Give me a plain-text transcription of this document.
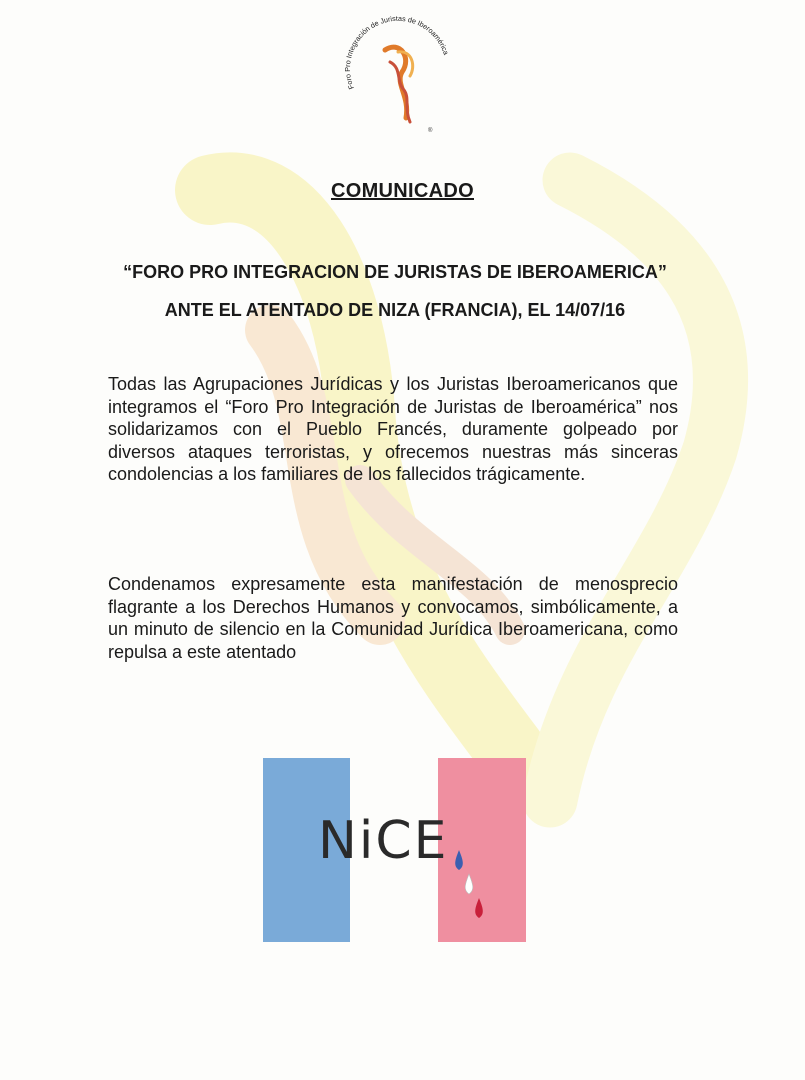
Foro Pro Integración de Juristas de Iberoamérica
®
COMUNICADO
“FORO PRO INTEGRACION DE JURISTAS DE IBEROAMERICA”
ANTE EL ATENTADO DE NIZA (FRANCIA), EL 14/07/16
Todas las Agrupaciones Jurídicas y los Juristas Iberoamericanos que integramos el “Foro Pro Integración de Juristas de Iberoamérica” nos solidarizamos con el Pueblo Francés, duramente golpeado por diversos ataques terroristas, y ofrecemos nuestras más sinceras condolencias a los familiares de los fallecidos trágicamente.
Condenamos expresamente esta manifestación de menosprecio flagrante a los Derechos Humanos y convocamos, simbólicamente, a un minuto de silencio en la Comunidad Jurídica Iberoamericana, como repulsa a este atentado
NiCE
